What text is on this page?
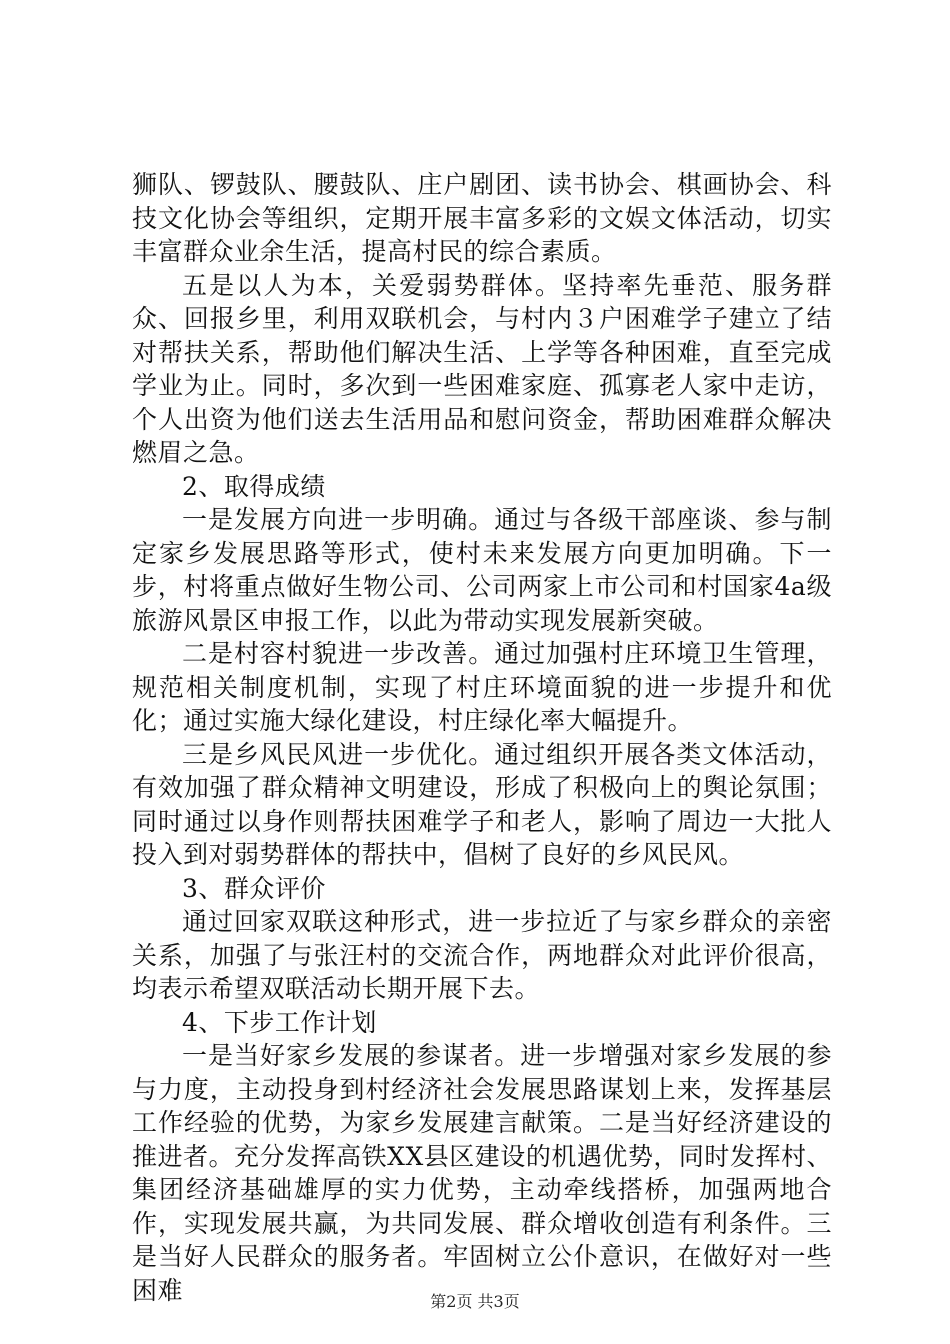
狮队、锣鼓队、腰鼓队、庄户剧团、读书协会、棋画协会、科技文化协会等组织，定期开展丰富多彩的文娱文体活动，切实丰富群众业余生活，提高村民的综合素质。

五是以人为本，关爱弱势群体。坚持率先垂范、服务群众、回报乡里，利用双联机会，与村内３户困难学子建立了结对帮扶关系，帮助他们解决生活、上学等各种困难，直至完成学业为止。同时，多次到一些困难家庭、孤寡老人家中走访，个人出资为他们送去生活用品和慰问资金，帮助困难群众解决燃眉之急。

2、取得成绩

一是发展方向进一步明确。通过与各级干部座谈、参与制定家乡发展思路等形式，使村未来发展方向更加明确。下一步，村将重点做好生物公司、公司两家上市公司和村国家4a级旅游风景区申报工作，以此为带动实现发展新突破。

二是村容村貌进一步改善。通过加强村庄环境卫生管理，规范相关制度机制，实现了村庄环境面貌的进一步提升和优化；通过实施大绿化建设，村庄绿化率大幅提升。

三是乡风民风进一步优化。通过组织开展各类文体活动，有效加强了群众精神文明建设，形成了积极向上的舆论氛围；同时通过以身作则帮扶困难学子和老人，影响了周边一大批人投入到对弱势群体的帮扶中，倡树了良好的乡风民风。

3、群众评价

通过回家双联这种形式，进一步拉近了与家乡群众的亲密关系，加强了与张汪村的交流合作，两地群众对此评价很高，均表示希望双联活动长期开展下去。

4、下步工作计划

一是当好家乡发展的参谋者。进一步增强对家乡发展的参与力度，主动投身到村经济社会发展思路谋划上来，发挥基层工作经验的优势，为家乡发展建言献策。二是当好经济建设的推进者。充分发挥高铁XX县区建设的机遇优势，同时发挥村、集团经济基础雄厚的实力优势，主动牵线搭桥，加强两地合作，实现发展共赢，为共同发展、群众增收创造有利条件。三是当好人民群众的服务者。牢固树立公仆意识，在做好对一些困难	第2页 共3页
